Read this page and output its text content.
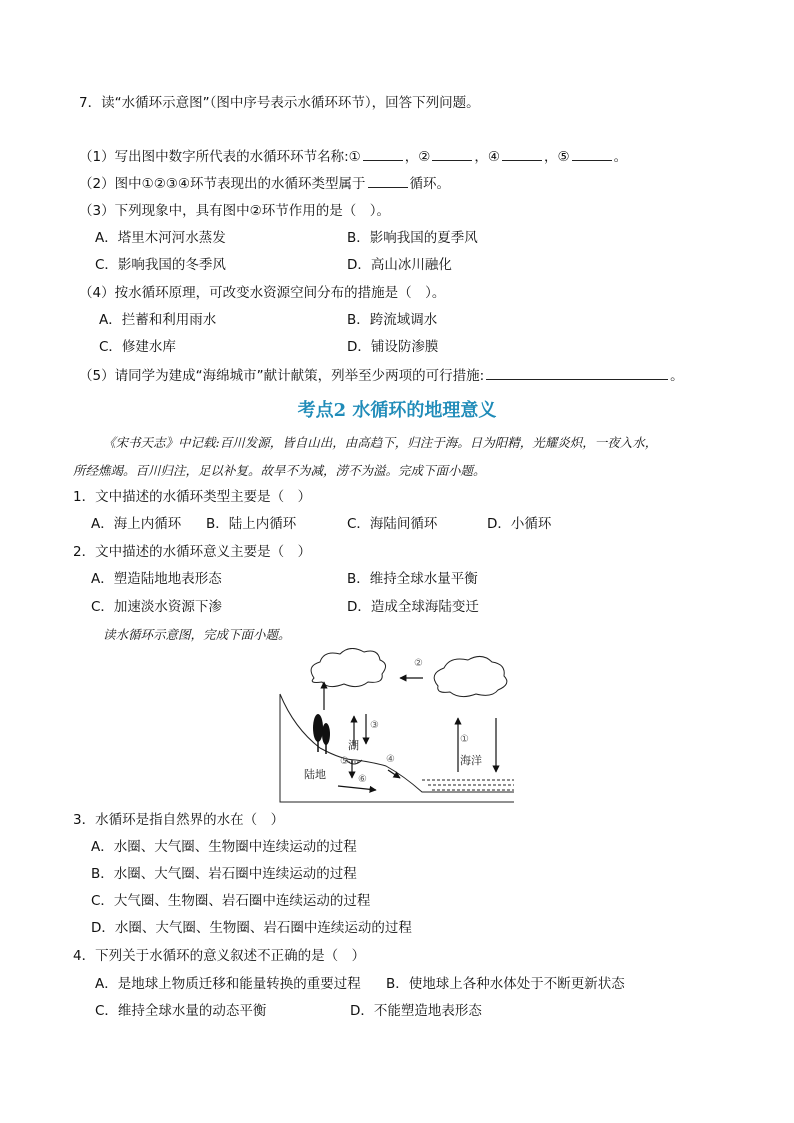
7．读“水循环示意图”（图中序号表示水循环环节），回答下列问题。
（1）写出图中数字所代表的水循环环节名称:①	，②	，④	，⑤	。
（2）图中①②③④环节表现出的水循环类型属于	循环。
（3）下列现象中，具有图中②环节作用的是（　）。
A．塔里木河河水蒸发	B．影响我国的夏季风
C．影响我国的冬季风	D．高山冰川融化
（4）按水循环原理，可改变水资源空间分布的措施是（　）。
A．拦蓄和利用雨水	B．跨流域调水
C．修建水库	D．铺设防渗膜
（5）请同学为建成“海绵城市”献计献策，列举至少两项的可行措施:	。
考点2 水循环的地理意义
《宋书天志》中记载:百川发源，皆自山出，由高趋下，归注于海。日为阳精，光耀炎炽，一夜入水，
所经燋竭。百川归注，足以补复。故旱不为减，涝不为溢。完成下面小题。
1．文中描述的水循环类型主要是（　）
A．海上内循环 B．陆上内循环	C．海陆间循环	D．小循环
2．文中描述的水循环意义主要是（　）
A．塑造陆地地表形态	B．维持全球水量平衡
C．加速淡水资源下渗	D．造成全球海陆变迁
读水循环示意图，完成下面小题。
②
③
①
④
⑤
⑥
湖
陆地
海洋
3．水循环是指自然界的水在（　）
A．水圈、大气圈、生物圈中连续运动的过程
B．水圈、大气圈、岩石圈中连续运动的过程
C．大气圈、生物圈、岩石圈中连续运动的过程
D．水圈、大气圈、生物圈、岩石圈中连续运动的过程
4．下列关于水循环的意义叙述不正确的是（　）
A．是地球上物质迁移和能量转换的重要过程 B．使地球上各种水体处于不断更新状态
C．维持全球水量的动态平衡	D．不能塑造地表形态
